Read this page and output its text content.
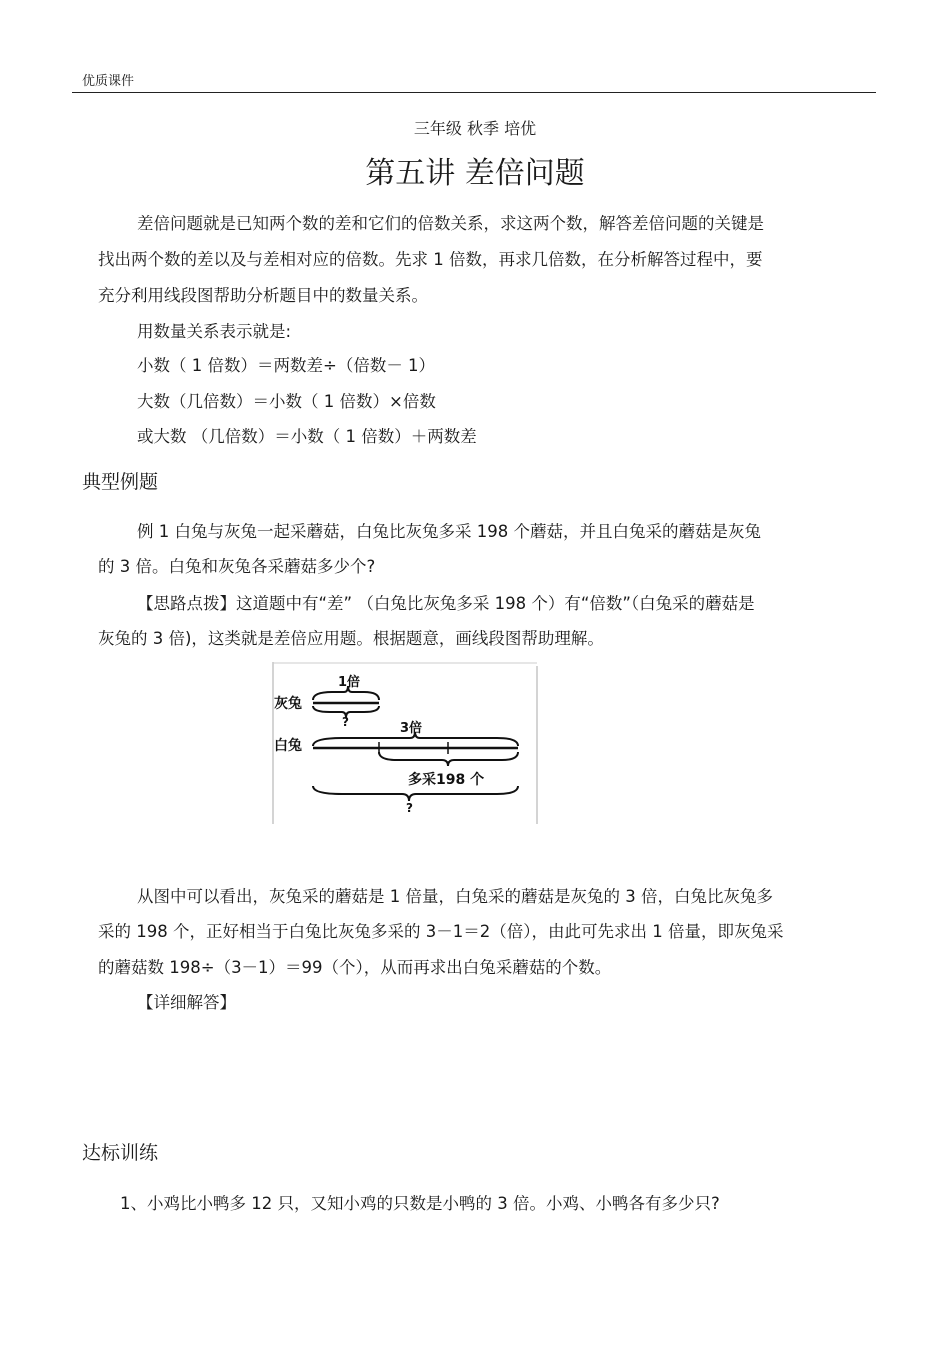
优质课件
三年级 秋季 培优
第五讲 差倍问题
差倍问题就是已知两个数的差和它们的倍数关系，求这两个数，解答差倍问题的关键是
找出两个数的差以及与差相对应的倍数。先求 1 倍数，再求几倍数，在分析解答过程中，要
充分利用线段图帮助分析题目中的数量关系。
用数量关系表示就是:
小数（ 1 倍数）＝两数差÷（倍数－ 1）
大数（几倍数）＝小数（ 1 倍数）×倍数
或大数 （几倍数）＝小数（ 1 倍数）＋两数差
典型例题
例 1 白兔与灰兔一起采蘑菇，白兔比灰兔多采 198 个蘑菇，并且白兔采的蘑菇是灰兔
的 3 倍。白兔和灰兔各采蘑菇多少个?
【思路点拨】这道题中有“差” （白兔比灰兔多采 198 个）有“倍数”（白兔采的蘑菇是
灰兔的 3 倍)，这类就是差倍应用题。根据题意，画线段图帮助理解。
灰兔
白兔
1倍
?	3倍
多采198 个
?
从图中可以看出，灰兔采的蘑菇是 1 倍量，白兔采的蘑菇是灰兔的 3 倍，白兔比灰兔多
采的 198 个，正好相当于白兔比灰兔多采的 3－1＝2（倍），由此可先求出 1 倍量，即灰兔采
的蘑菇数 198÷（3－1）＝99（个），从而再求出白兔采蘑菇的个数。
【详细解答】
达标训练
1、小鸡比小鸭多 12 只，又知小鸡的只数是小鸭的 3 倍。小鸡、小鸭各有多少只?
